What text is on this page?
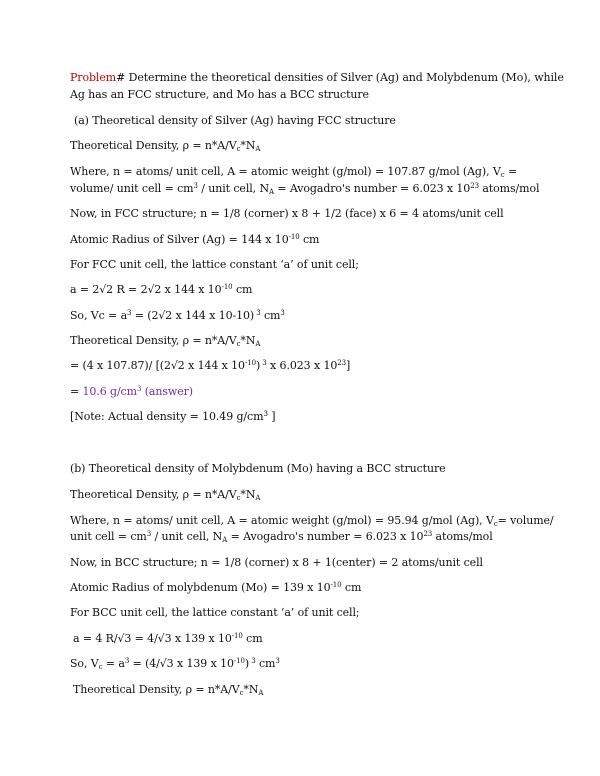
Problem# Determine the theoretical densities of Silver (Ag) and Molybdenum (Mo), while
Ag has an FCC structure, and Mo has a BCC structure
(a) Theoretical density of Silver (Ag) having FCC structure
Theoretical Density, $\rho = n*A/V_c*N_A$
Where, n = atoms/ unit cell, A = atomic weight (g/mol) = 107.87 g/mol (Ag), $V_c$ =
volume/ unit cell = $cm^3$ / unit cell, $N_A$ = Avogadro's number = 6.023 x $10^{23}$ atoms/mol
Now, in FCC structure; n = 1/8 (corner) x 8 + 1/2 (face) x 6 = 4 atoms/unit cell
Atomic Radius of Silver (Ag) = 144 x $10^{-10}$ cm
For FCC unit cell, the lattice constant ‘a’ of unit cell;
a = 2√2 R = 2√2 x 144 x $10^{-10}$ cm
So, $Vc = a^3 = (2√2$ x 144 x 10-10) $^3$ $cm^3$
Theoretical Density, $\rho = n*A/V_c*N_A$
= (4 x 107.87)/ [(2√2 x 144 x $10^{-10}$) $^3$ x 6.023 x $10^{23}$]
= 10.6 $g/cm^3$ (answer)
[Note: Actual density = 10.49 $g/cm^3$ ]
(b) Theoretical density of Molybdenum (Mo) having a BCC structure
Theoretical Density, $\rho = n*A/V_c*N_A$
Where, n = atoms/ unit cell, A = atomic weight (g/mol) = 95.94 g/mol (Ag), $V_c=$ volume/
unit cell = $cm^3$ / unit cell, $N_A$ = Avogadro's number = 6.023 x $10^{23}$ atoms/mol
Now, in BCC structure; n = 1/8 (corner) x 8 + 1(center) = 2 atoms/unit cell
Atomic Radius of molybdenum (Mo) = 139 x $10^{-10}$ cm
For BCC unit cell, the lattice constant ‘a’ of unit cell;
a = 4 R/√3 = 4/√3 x 139 x $10^{-10}$ cm
So, $V_c = a^3 = (4/√3$ x 139 x $10^{-10}$) $^3$ $cm^3$
Theoretical Density, $\rho = n*A/V_c*N_A$
